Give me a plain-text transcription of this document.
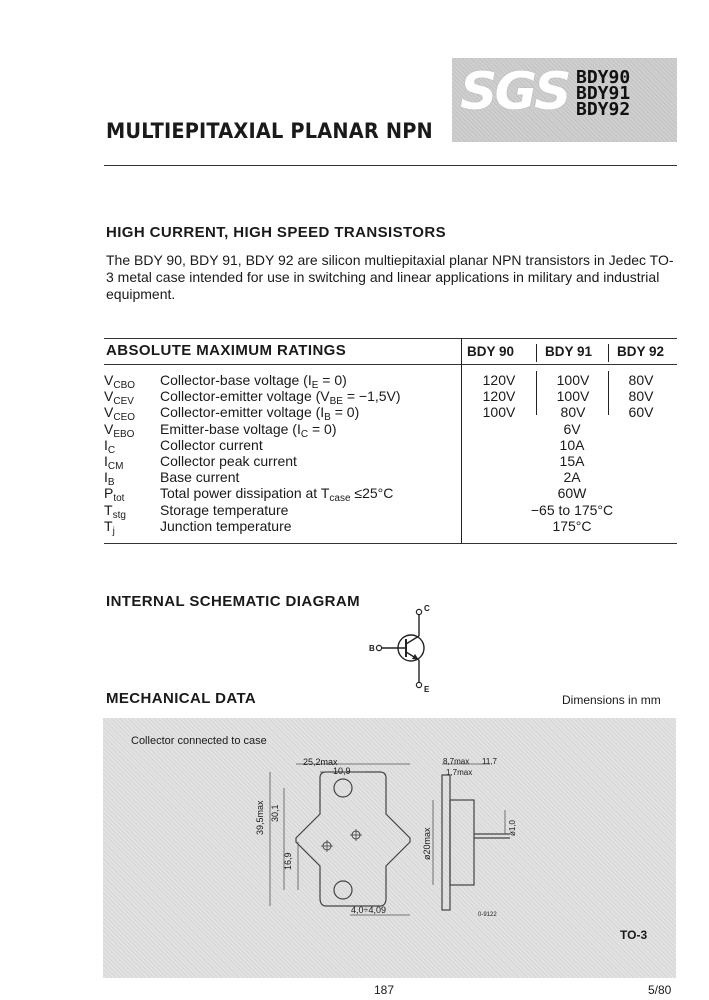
SGS BDY90
BDY91
BDY92
MULTIEPITAXIAL PLANAR NPN
HIGH CURRENT, HIGH SPEED TRANSISTORS
The BDY 90, BDY 91, BDY 92 are silicon multiepitaxial planar NPN transistors in Jedec TO-3 metal case intended for use in switching and linear applications in military and industrial equipment.
ABSOLUTE MAXIMUM RATINGS	BDY 90 BDY 91 BDY 92
$V_{CBO}$	Collector-base voltage $(I_E = 0)$	120V	100V	80V
$V_{CEV}$	Collector-emitter voltage $(V_{BE} = -1,5V)$	120V	100V	80V
$V_{CEO}$	Collector-emitter voltage $(I_B = 0)$	100V	80V	60V
$V_{EBO}$	Emitter-base voltage $(I_C = 0)$	6V
$I_C$	Collector current	10A
$I_{CM}$	Collector peak current	15A
$I_B$	Base current	2A
$P_{tot}$	Total power dissipation at $T_{case} \le 25^\circ C$	60W
$T_{stg}$	Storage temperature	−65 to 175°C
$T_j$	Junction temperature	175°C
INTERNAL SCHEMATIC DIAGRAM	C
B
E
MECHANICAL DATA	Dimensions in mm
Collector connected to case
25,2max
10,9
39,5max 30,1
16,9
4,0÷4,09
8,7max 11,7
1,7max
ø20max	ø1,0
0-9122
TO-3
187	5/80
